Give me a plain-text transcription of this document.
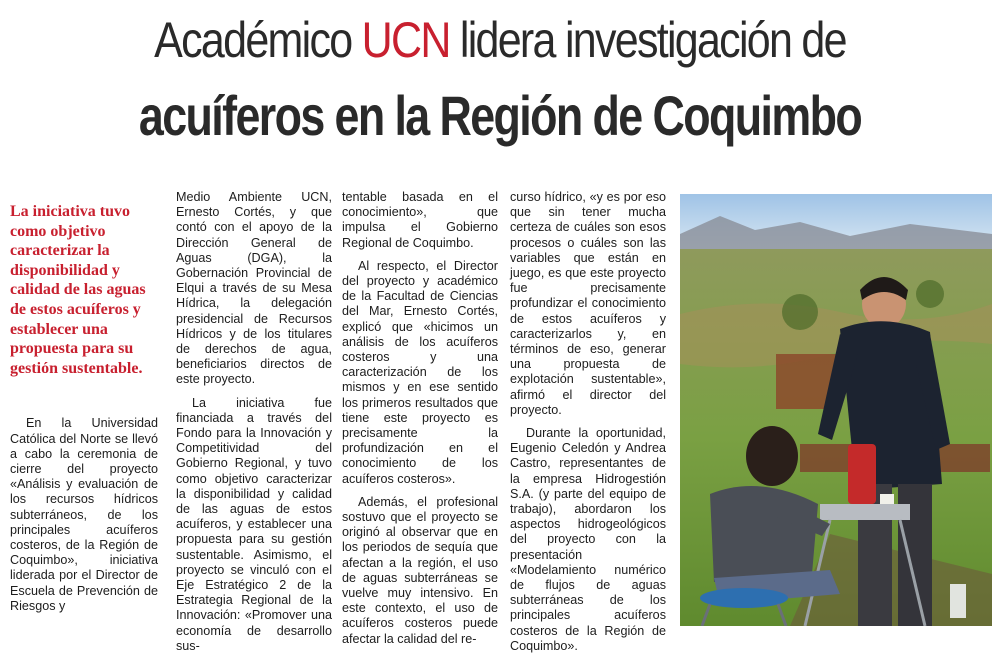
Académico UCN lidera investigación de
acuíferos en la Región de Coquimbo

La iniciativa tuvo como objetivo caracterizar la disponibilidad y calidad de las aguas de estos acuíferos y establecer una propuesta para su gestión sustentable.

En la Universidad Católica del Norte se llevó a cabo la ceremonia de cierre del proyecto «Análisis y evaluación de los recursos hídricos subterráneos, de los principales acuíferos costeros, de la Región de Coquimbo», iniciativa liderada por el Director de Escuela de Prevención de Riesgos y

Medio Ambiente UCN, Ernesto Cortés, y que contó con el apoyo de la Dirección General de Aguas (DGA), la Gobernación Provincial de Elqui a través de su Mesa Hídrica, la delegación presidencial de Recursos Hídricos y de los titulares de derechos de agua, beneficiarios directos de este proyecto.

La iniciativa fue financiada a través del Fondo para la Innovación y Competitividad del Gobierno Regional, y tuvo como objetivo caracterizar la disponibilidad y calidad de las aguas de estos acuíferos, y establecer una propuesta para su gestión sustentable. Asimismo, el proyecto se vinculó con el Eje Estratégico 2 de la Estrategia Regional de la Innovación: «Promover una economía de desarrollo sus-

tentable basada en el conocimiento», que impulsa el Gobierno Regional de Coquimbo.

Al respecto, el Director del proyecto y académico de la Facultad de Ciencias del Mar, Ernesto Cortés, explicó que «hicimos un análisis de los acuíferos costeros y una caracterización de los mismos y en ese sentido los primeros resultados que tiene este proyecto es precisamente la profundización en el conocimiento de los acuíferos costeros».

Además, el profesional sostuvo que el proyecto se originó al observar que en los periodos de sequía que afectan a la región, el uso de aguas subterráneas se vuelve muy intensivo. En este contexto, el uso de acuíferos costeros puede afectar la calidad del re-

curso hídrico, «y es por eso que sin tener mucha certeza de cuáles son esos procesos o cuáles son las variables que están en juego, es que este proyecto fue precisamente profundizar el conocimiento de estos acuíferos y caracterizarlos y, en términos de eso, generar una propuesta de explotación sustentable», afirmó el director del proyecto.

Durante la oportunidad, Eugenio Celedón y Andrea Castro, representantes de la empresa Hidrogestión S.A. (y parte del equipo de trabajo), abordaron los aspectos hidrogeológicos del proyecto con la presentación «Modelamiento numérico de flujos de aguas subterráneas de los principales acuíferos costeros de la Región de Coquimbo».
